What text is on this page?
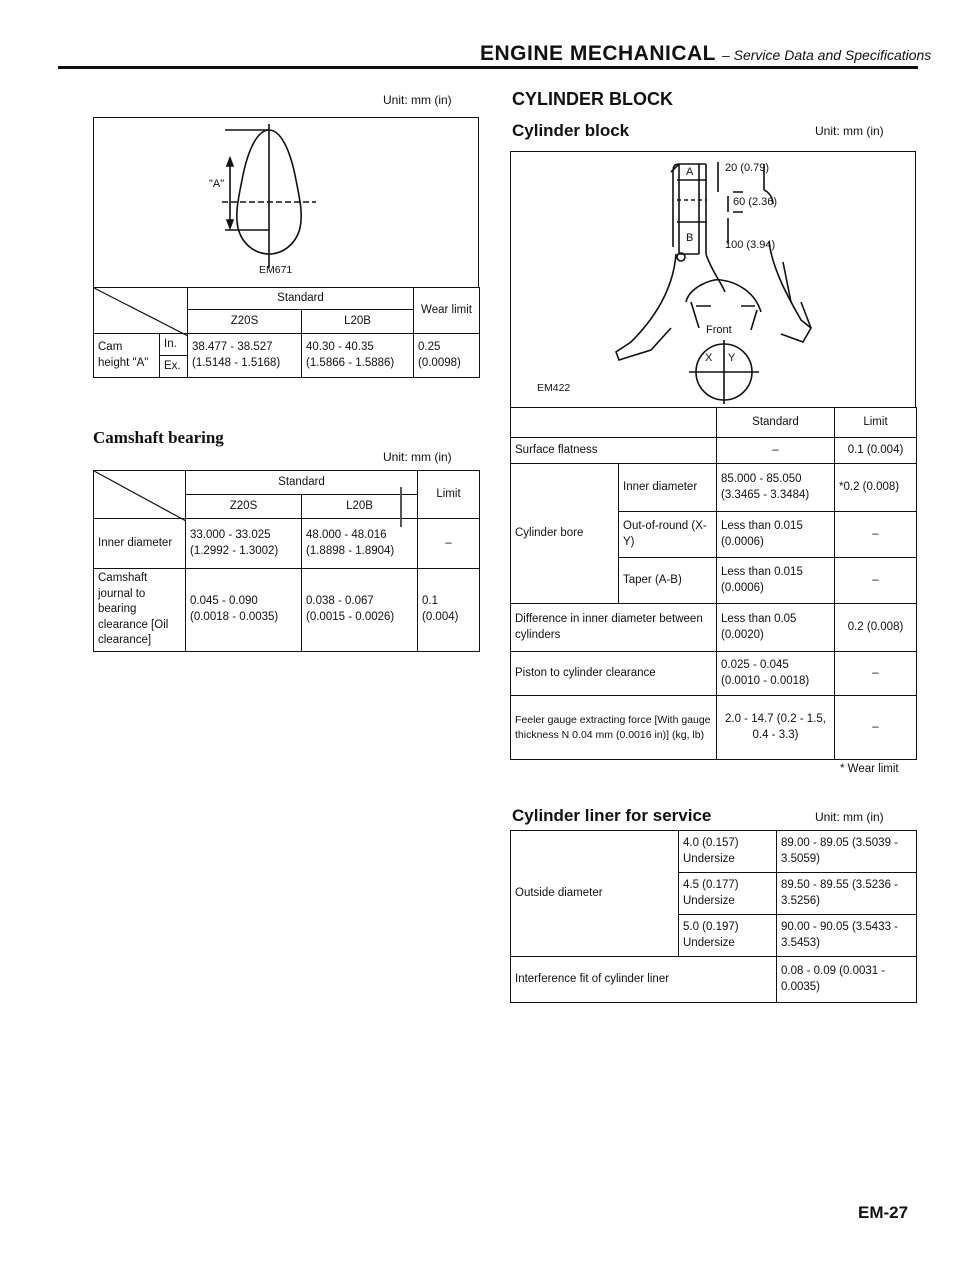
ENGINE MECHANICAL – Service Data and Specifications
Unit: mm (in)
"A"
EM671
	Standard		Wear limit
		Z20S	L20B	
Cam height "A"	In.	38.477 - 38.527 (1.5148 - 1.5168)	40.30 - 40.35 (1.5866 - 1.5886)	0.25 (0.0098)
	Ex.			
Camshaft bearing
Unit: mm (in)
	Standard		Limit
	Z20S	L20B	
Inner diameter	33.000 - 33.025 (1.2992 - 1.3002)	48.000 - 48.016 (1.8898 - 1.8904)	–
Camshaft journal to bearing clearance [Oil clearance]	0.045 - 0.090 (0.0018 - 0.0035)	0.038 - 0.067 (0.0015 - 0.0026)	0.1 (0.004)
CYLINDER BLOCK
Cylinder block	Unit: mm (in)
A	20 (0.79)
60 (2.36)
B
100 (3.94)
Front
X Y
EM422
		Standard	Limit
Surface flatness		–	0.1 (0.004)
Cylinder bore	Inner diameter	85.000 - 85.050 (3.3465 - 3.3484)	*0.2 (0.008)
	Out-of-round (X-Y)	Less than 0.015 (0.0006)	–
	Taper (A-B)	Less than 0.015 (0.0006)	–
Difference in inner diameter between cylinders		Less than 0.05 (0.0020)	0.2 (0.008)
Piston to cylinder clearance		0.025 - 0.045 (0.0010 - 0.0018)	–
Feeler gauge extracting force [With gauge thickness N 0.04 mm (0.0016 in)] (kg, lb)		2.0 - 14.7 (0.2 - 1.5, 0.4 - 3.3)	–
* Wear limit
Cylinder liner for service	Unit: mm (in)
Outside diameter	4.0 (0.157) Undersize	89.00 - 89.05 (3.5039 - 3.5059)
	4.5 (0.177) Undersize	89.50 - 89.55 (3.5236 - 3.5256)
	5.0 (0.197) Undersize	90.00 - 90.05 (3.5433 - 3.5453)
Interference fit of cylinder liner		0.08 - 0.09 (0.0031 - 0.0035)
EM-27
